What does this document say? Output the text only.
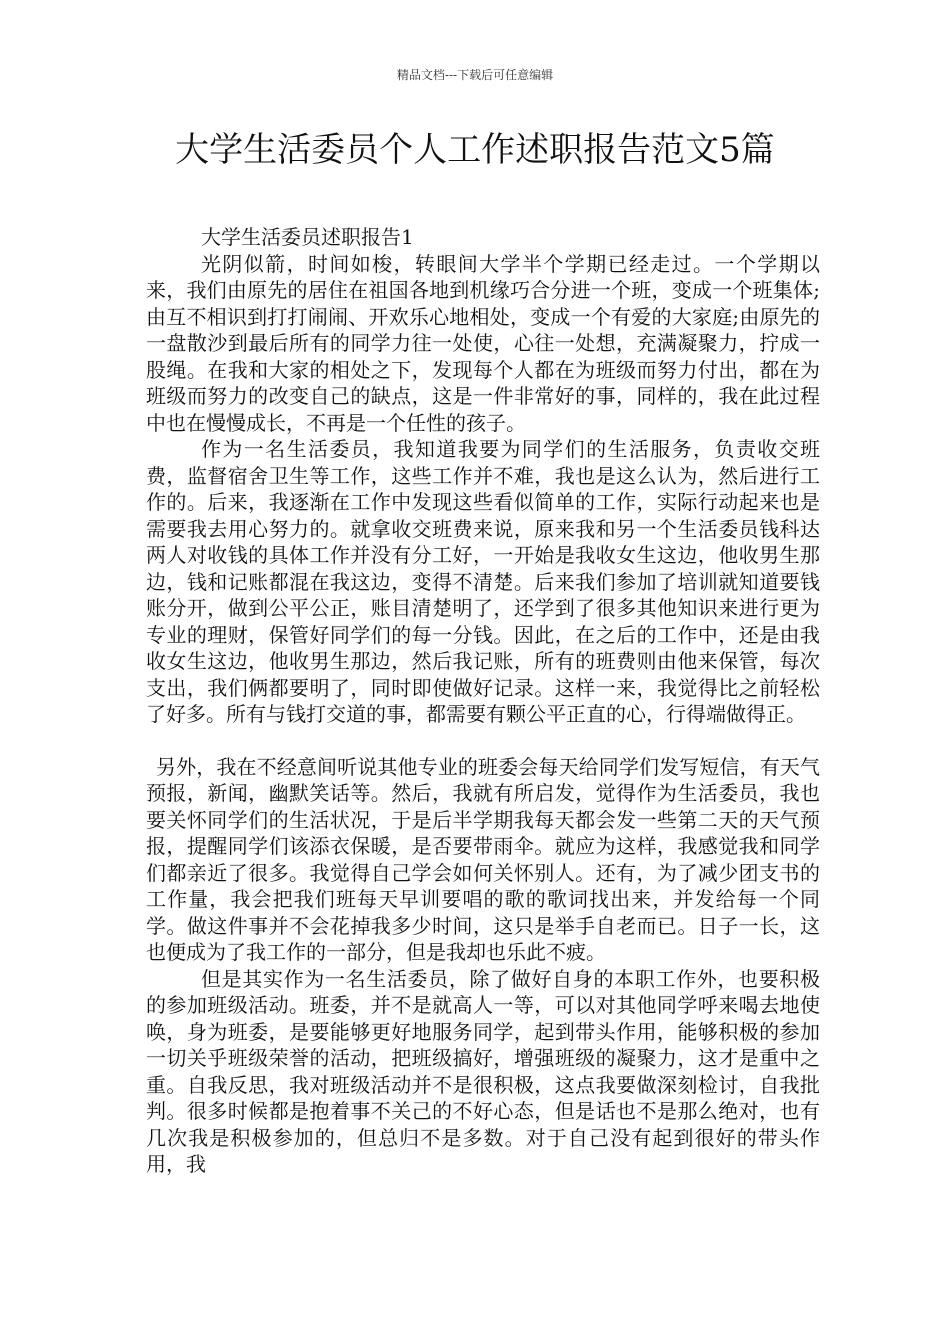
精品文档---下载后可任意编辑
大学生活委员个人工作述职报告范文5篇

大学生活委员述职报告1

光阴似箭，时间如梭，转眼间大学半个学期已经走过。一个学期以来，我们由原先的居住在祖国各地到机缘巧合分进一个班，变成一个班集体;由互不相识到打打闹闹、开欢乐心地相处，变成一个有爱的大家庭;由原先的一盘散沙到最后所有的同学力往一处使，心往一处想，充满凝聚力，拧成一股绳。在我和大家的相处之下，发现每个人都在为班级而努力付出，都在为班级而努力的改变自己的缺点，这是一件非常好的事，同样的，我在此过程中也在慢慢成长，不再是一个任性的孩子。

作为一名生活委员，我知道我要为同学们的生活服务，负责收交班费，监督宿舍卫生等工作，这些工作并不难，我也是这么认为，然后进行工作的。后来，我逐渐在工作中发现这些看似简单的工作，实际行动起来也是需要我去用心努力的。就拿收交班费来说，原来我和另一个生活委员钱科达两人对收钱的具体工作并没有分工好，一开始是我收女生这边，他收男生那边，钱和记账都混在我这边，变得不清楚。后来我们参加了培训就知道要钱账分开，做到公平公正，账目清楚明了，还学到了很多其他知识来进行更为专业的理财，保管好同学们的每一分钱。因此，在之后的工作中，还是由我收女生这边，他收男生那边，然后我记账，所有的班费则由他来保管，每次支出，我们俩都要明了，同时即使做好记录。这样一来，我觉得比之前轻松了好多。所有与钱打交道的事，都需要有颗公平正直的心，行得端做得正。

另外，我在不经意间听说其他专业的班委会每天给同学们发写短信，有天气预报，新闻，幽默笑话等。然后，我就有所启发，觉得作为生活委员，我也要关怀同学们的生活状况，于是后半学期我每天都会发一些第二天的天气预报，提醒同学们该添衣保暖，是否要带雨伞。就应为这样，我感觉我和同学们都亲近了很多。我觉得自己学会如何关怀别人。还有，为了减少团支书的工作量，我会把我们班每天早训要唱的歌的歌词找出来，并发给每一个同学。做这件事并不会花掉我多少时间，这只是举手自老而已。日子一长，这也便成为了我工作的一部分，但是我却也乐此不疲。

但是其实作为一名生活委员，除了做好自身的本职工作外，也要积极的参加班级活动。班委，并不是就高人一等，可以对其他同学呼来喝去地使唤，身为班委，是要能够更好地服务同学，起到带头作用，能够积极的参加一切关乎班级荣誉的活动，把班级搞好，增强班级的凝聚力，这才是重中之重。自我反思，我对班级活动并不是很积极，这点我要做深刻检讨，自我批判。很多时候都是抱着事不关己的不好心态，但是话也不是那么绝对，也有几次我是积极参加的，但总归不是多数。对于自己没有起到很好的带头作用，我
